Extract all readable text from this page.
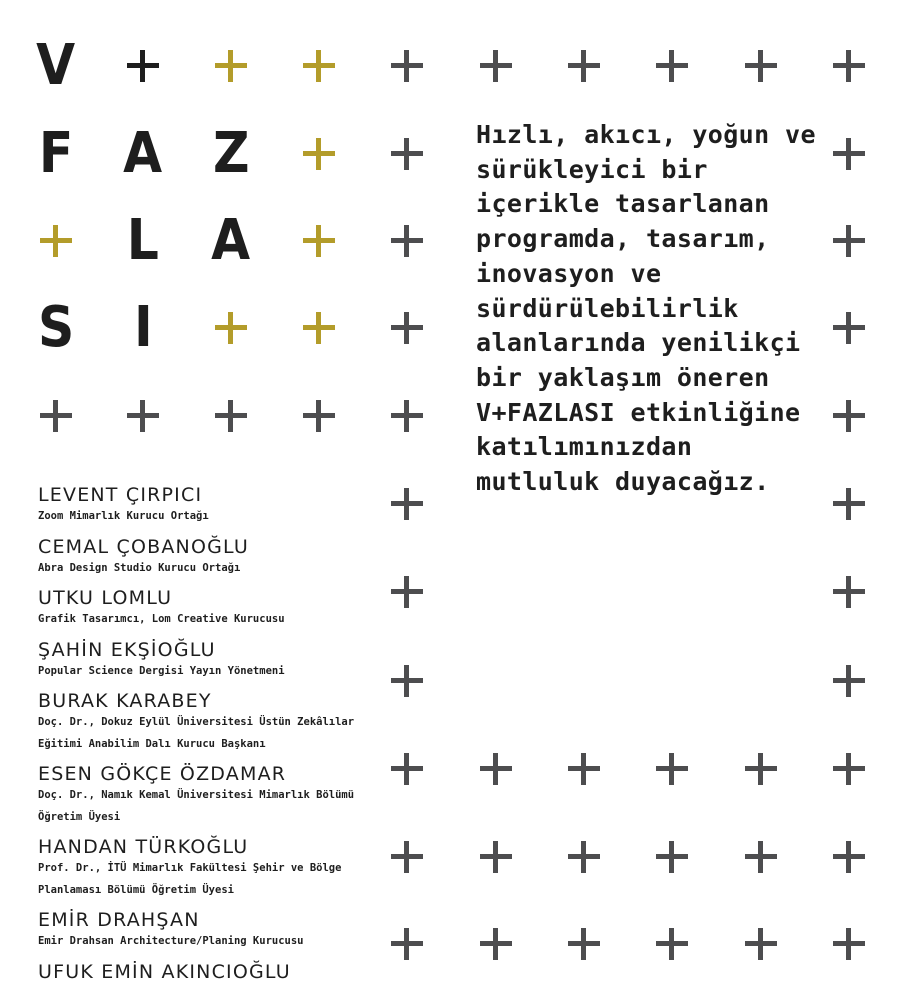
V
F A Z
L A
S I

Hızlı, akıcı, yoğun ve sürükleyici bir içerikle tasarlanan programda, tasarım, inovasyon ve sürdürülebilirlik alanlarında yenilikçi bir yaklaşım öneren V+FAZLASI etkinliğine katılımınızdan mutluluk duyacağız.

LEVENT ÇIRPICI
Zoom Mimarlık Kurucu Ortağı
CEMAL ÇOBANOĞLU
Abra Design Studio Kurucu Ortağı
UTKU LOMLU
Grafik Tasarımcı, Lom Creative Kurucusu
ŞAHİN EKŞİOĞLU
Popular Science Dergisi Yayın Yönetmeni
BURAK KARABEY
Doç. Dr., Dokuz Eylül Üniversitesi Üstün Zekâlılar Eğitimi Anabilim Dalı Kurucu Başkanı
ESEN GÖKÇE ÖZDAMAR
Doç. Dr., Namık Kemal Üniversitesi Mimarlık Bölümü Öğretim Üyesi
HANDAN TÜRKOĞLU
Prof. Dr., İTÜ Mimarlık Fakültesi Şehir ve Bölge Planlaması Bölümü Öğretim Üyesi
EMİR DRAHŞAN
Emir Drahsan Architecture/Planing Kurucusu
UFUK EMİN AKINCIOĞLU
